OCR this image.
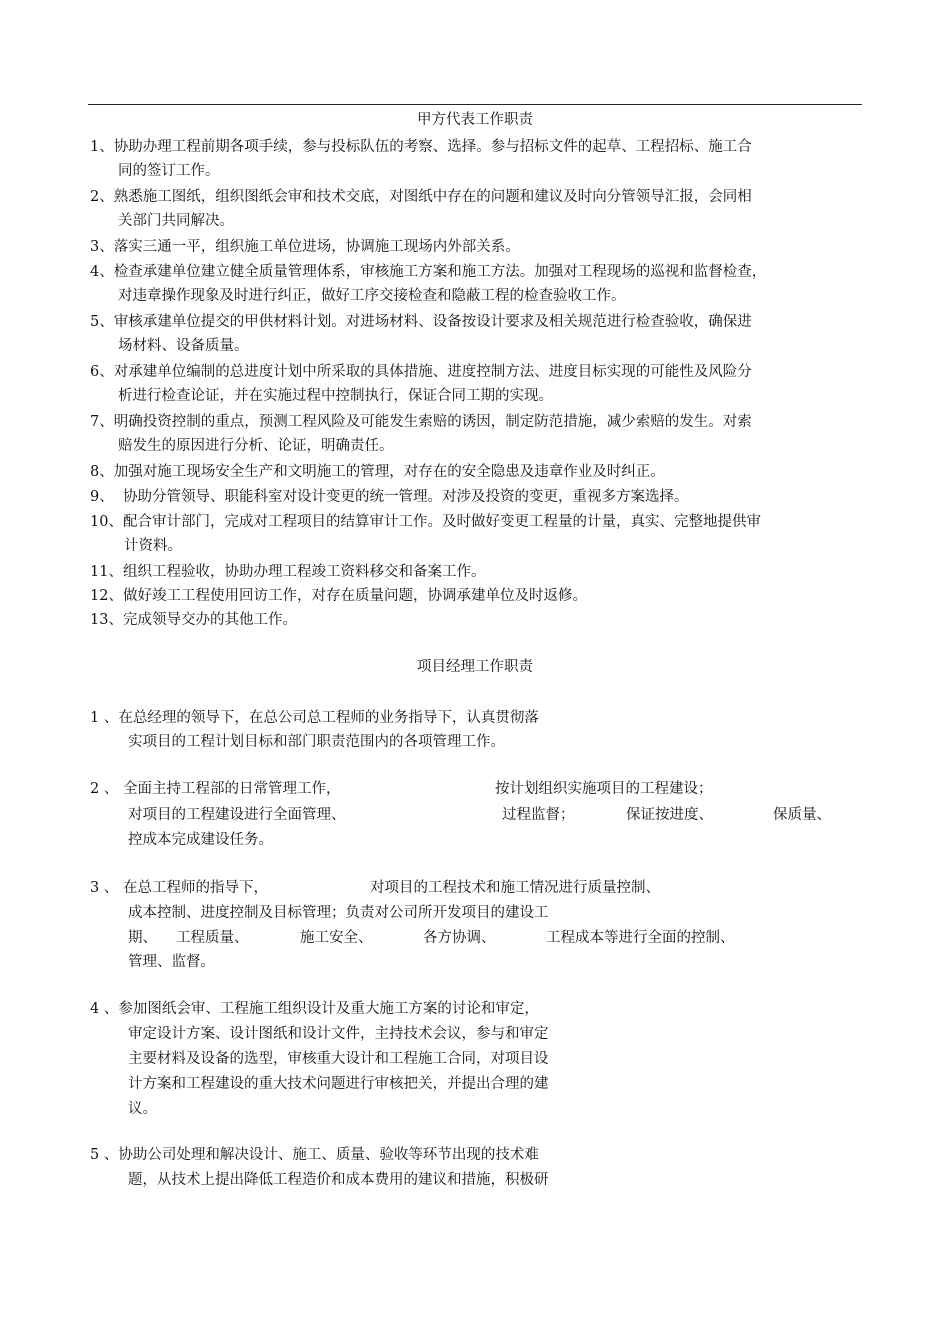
甲方代表工作职责
1、协助办理工程前期各项手续，参与投标队伍的考察、选择。参与招标文件的起草、工程招标、施工合
同的签订工作。
2、熟悉施工图纸，组织图纸会审和技术交底，对图纸中存在的问题和建议及时向分管领导汇报，会同相
关部门共同解决。
3、落实三通一平，组织施工单位进场，协调施工现场内外部关系。
4、检查承建单位建立健全质量管理体系，审核施工方案和施工方法。加强对工程现场的巡视和监督检查，
对违章操作现象及时进行纠正，做好工序交接检查和隐蔽工程的检查验收工作。
5、审核承建单位提交的甲供材料计划。对进场材料、设备按设计要求及相关规范进行检查验收，确保进
场材料、设备质量。
6、对承建单位编制的总进度计划中所采取的具体措施、进度控制方法、进度目标实现的可能性及风险分
析进行检查论证，并在实施过程中控制执行，保证合同工期的实现。
7、明确投资控制的重点，预测工程风险及可能发生索赔的诱因，制定防范措施，减少索赔的发生。对索
赔发生的原因进行分析、论证，明确责任。
8、加强对施工现场安全生产和文明施工的管理，对存在的安全隐患及违章作业及时纠正。
9、  协助分管领导、职能科室对设计变更的统一管理。对涉及投资的变更，重视多方案选择。
10、配合审计部门，完成对工程项目的结算审计工作。及时做好变更工程量的计量，真实、完整地提供审
计资料。
11、组织工程验收，协助办理工程竣工资料移交和备案工作。
12、做好竣工工程使用回访工作，对存在质量问题，协调承建单位及时返修。
13、完成领导交办的其他工作。
项目经理工作职责
1 、在总经理的领导下，在总公司总工程师的业务指导下，认真贯彻落
实项目的工程计划目标和部门职责范围内的各项管理工作。
2 、 全面主持工程部的日常管理工作，	按计划组织实施项目的工程建设；
对项目的工程建设进行全面管理、	过程监督；	保证按进度、	保质量、
控成本完成建设任务。
3 、 在总工程师的指导下，	对项目的工程技术和施工情况进行质量控制、
成本控制、进度控制及目标管理；负责对公司所开发项目的建设工
期、 工程质量、	施工安全、	各方协调、	工程成本等进行全面的控制、
管理、监督。
4 、参加图纸会审、工程施工组织设计及重大施工方案的讨论和审定，
审定设计方案、设计图纸和设计文件，主持技术会议，参与和审定
主要材料及设备的选型，审核重大设计和工程施工合同，对项目设
计方案和工程建设的重大技术问题进行审核把关，并提出合理的建
议。
5 、协助公司处理和解决设计、施工、质量、验收等环节出现的技术难
题，从技术上提出降低工程造价和成本费用的建议和措施，积极研
